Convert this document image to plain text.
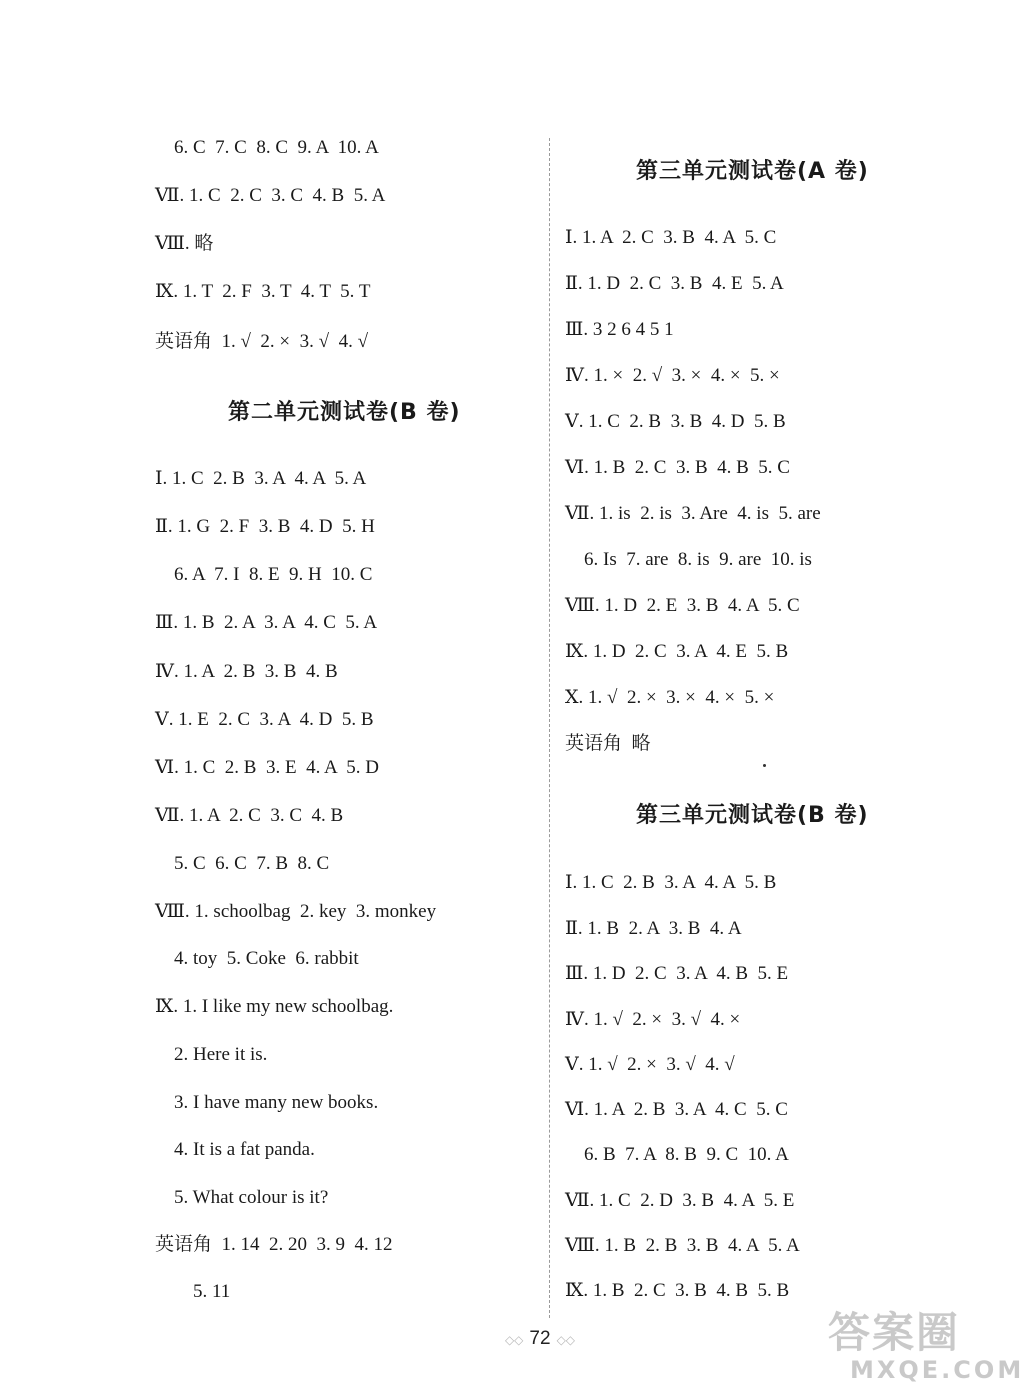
6. C  7. C  8. C  9. A  10. A
Ⅶ. 1. C  2. C  3. C  4. B  5. A
Ⅷ. 略
Ⅸ. 1. T  2. F  3. T  4. T  5. T
英语角  1. √  2. ×  3. √  4. √
第二单元测试卷(B 卷)
Ⅰ. 1. C  2. B  3. A  4. A  5. A
Ⅱ. 1. G  2. F  3. B  4. D  5. H
6. A  7. I  8. E  9. H  10. C
Ⅲ. 1. B  2. A  3. A  4. C  5. A
Ⅳ. 1. A  2. B  3. B  4. B
Ⅴ. 1. E  2. C  3. A  4. D  5. B
Ⅵ. 1. C  2. B  3. E  4. A  5. D
Ⅶ. 1. A  2. C  3. C  4. B
5. C  6. C  7. B  8. C
Ⅷ. 1. schoolbag  2. key  3. monkey
4. toy  5. Coke  6. rabbit
Ⅸ. 1. I like my new schoolbag.
2. Here it is.
3. I have many new books.
4. It is a fat panda.
5. What colour is it?
英语角  1. 14  2. 20  3. 9  4. 12
5. 11
第三单元测试卷(A 卷)
Ⅰ. 1. A  2. C  3. B  4. A  5. C
Ⅱ. 1. D  2. C  3. B  4. E  5. A
Ⅲ. 3 2 6 4 5 1
Ⅳ. 1. ×  2. √  3. ×  4. ×  5. ×
Ⅴ. 1. C  2. B  3. B  4. D  5. B
Ⅵ. 1. B  2. C  3. B  4. B  5. C
Ⅶ. 1. is  2. is  3. Are  4. is  5. are
6. Is  7. are  8. is  9. are  10. is
Ⅷ. 1. D  2. E  3. B  4. A  5. C
Ⅸ. 1. D  2. C  3. A  4. E  5. B
Ⅹ. 1. √  2. ×  3. ×  4. ×  5. ×
英语角  略
第三单元测试卷(B 卷)
Ⅰ. 1. C  2. B  3. A  4. A  5. B
Ⅱ. 1. B  2. A  3. B  4. A
Ⅲ. 1. D  2. C  3. A  4. B  5. E
Ⅳ. 1. √  2. ×  3. √  4. ×
Ⅴ. 1. √  2. ×  3. √  4. √
Ⅵ. 1. A  2. B  3. A  4. C  5. C
6. B  7. A  8. B  9. C  10. A
Ⅶ. 1. C  2. D  3. B  4. A  5. E
Ⅷ. 1. B  2. B  3. B  4. A  5. A
Ⅸ. 1. B  2. C  3. B  4. B  5. B
◇◇ 72 ◇◇	答案圈
MXQE.COM
